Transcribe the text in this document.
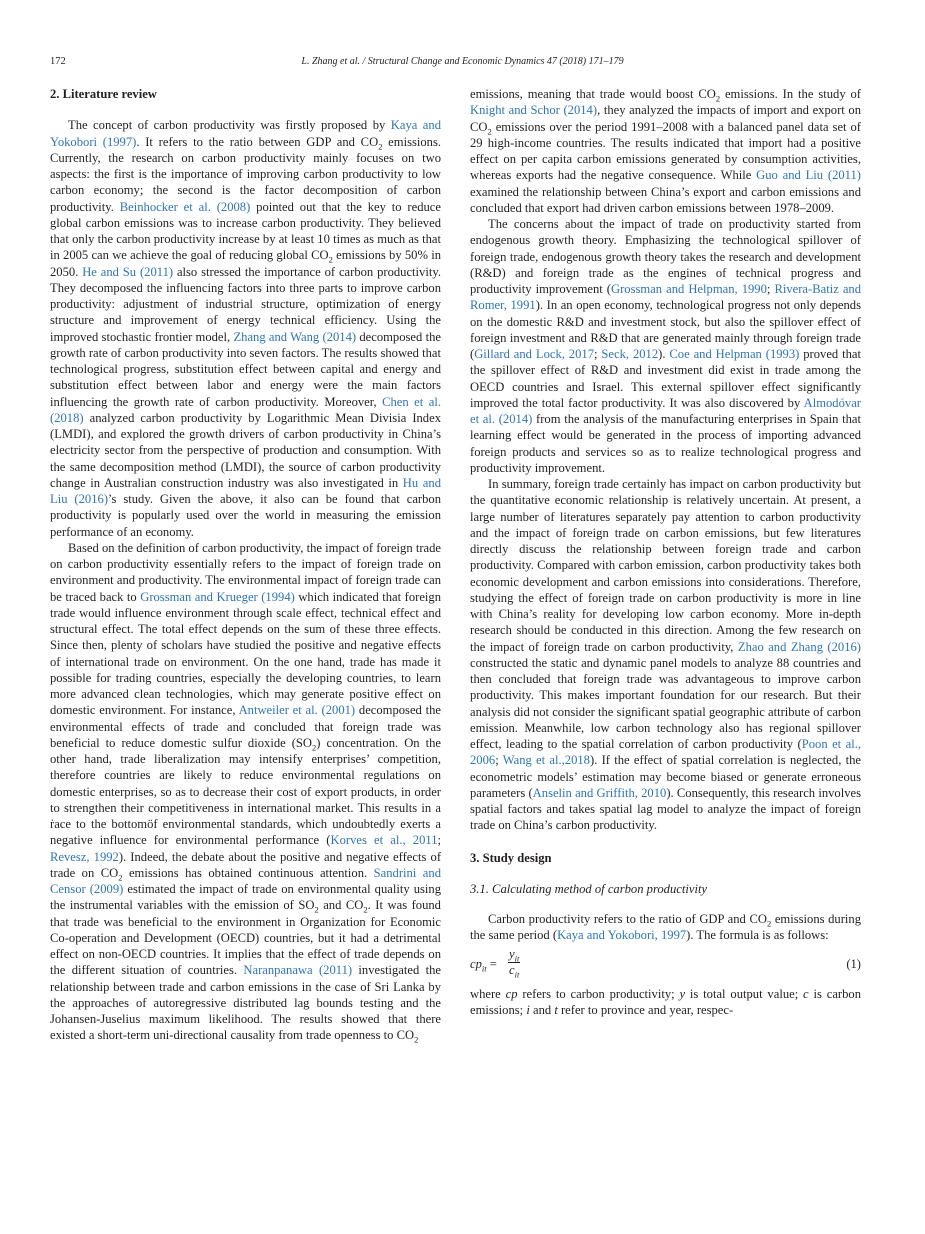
172	L. Zhang et al. / Structural Change and Economic Dynamics 47 (2018) 171–179
2. Literature review

The concept of carbon productivity was firstly proposed by Kaya and Yokobori (1997). It refers to the ratio between GDP and $CO_2$ emissions. Currently, the research on carbon productivity mainly focuses on two aspects: the first is the importance of improving carbon productivity to low carbon economy; the second is the factor decomposition of carbon productivity. Beinhocker et al. (2008) pointed out that the key to reduce global carbon emissions was to increase carbon productivity. They believed that only the carbon productivity increase by at least 10 times as much as that in 2005 can we achieve the goal of reducing global $CO_2$ emissions by 50% in 2050. He and Su (2011) also stressed the importance of carbon productivity. They decomposed the influencing factors into three parts to improve carbon productivity: adjustment of industrial structure, optimization of energy structure and improvement of energy technical efficiency. Using the improved stochastic frontier model, Zhang and Wang (2014) decomposed the growth rate of carbon productivity into seven factors. The results showed that technological progress, substitution effect between capital and energy and substitution effect between labor and energy were the main factors influencing the growth rate of carbon productivity. Moreover, Chen et al. (2018) analyzed carbon productivity by Logarithmic Mean Divisia Index (LMDI), and explored the growth drivers of carbon productivity in China’s electricity sector from the perspective of production and consumption. With the same decomposition method (LMDI), the source of carbon productivity change in Australian construction industry was also investigated in Hu and Liu (2016)’s study. Given the above, it also can be found that carbon productivity is popularly used over the world in measuring the emission performance of an economy.

Based on the definition of carbon productivity, the impact of foreign trade on carbon productivity essentially refers to the impact of foreign trade on environment and productivity. The environmental impact of foreign trade can be traced back to Grossman and Krueger (1994) which indicated that foreign trade would influence environment through scale effect, technical effect and structural effect. The total effect depends on the sum of these three effects. Since then, plenty of scholars have studied the positive and negative effects of international trade on environment. On the one hand, trade has made it possible for trading countries, especially the developing countries, to learn more advanced clean technologies, which may generate positive effect on domestic environment. For instance, Antweiler et al. (2001) decomposed the environmental effects of trade and concluded that foreign trade was beneficial to reduce domestic sulfur dioxide $(SO_2)$ concentration. On the other hand, trade liberalization may intensify enterprises’ competition, therefore countries are likely to reduce environmental regulations on domestic enterprises, so as to decrease their cost of export products, in order to strengthen their competitiveness in international market. This results in a ṙace to the bottomöf environmental standards, which undoubtedly exerts a negative influence for environmental performance (Korves et al., 2011; Revesz, 1992). Indeed, the debate about the positive and negative effects of trade on $CO_2$ emissions has obtained continuous attention. Sandrini and Censor (2009) estimated the impact of trade on environmental quality using the instrumental variables with the emission of $SO_2$ and $CO_2$. It was found that trade was beneficial to the environment in Organization for Economic Co-operation and Development (OECD) countries, but it had a detrimental effect on non-OECD countries. It implies that the effect of trade depends on the different situation of countries. Naranpanawa (2011) investigated the relationship between trade and carbon emissions in the case of Sri Lanka by the approaches of autoregressive distributed lag bounds testing and the Johansen-Juselius maximum likelihood. The results showed that there existed a short-term uni-directional causality from trade openness to $CO_2$

emissions, meaning that trade would boost $CO_2$ emissions. In the study of Knight and Schor (2014), they analyzed the impacts of import and export on $CO_2$ emissions over the period 1991–2008 with a balanced panel data set of 29 high-income countries. The results indicated that import had a positive effect on per capita carbon emissions generated by consumption activities, whereas exports had the negative consequence. While Guo and Liu (2011) examined the relationship between China’s export and carbon emissions and concluded that export had driven carbon emissions between 1978–2009.

The concerns about the impact of trade on productivity started from endogenous growth theory. Emphasizing the technological spillover of foreign trade, endogenous growth theory takes the research and development (R&D) and foreign trade as the engines of technical progress and productivity improvement (Grossman and Helpman, 1990; Rivera-Batiz and Romer, 1991). In an open economy, technological progress not only depends on the domestic R&D and investment stock, but also the spillover effect of foreign investment and R&D that are generated mainly through foreign trade (Gillard and Lock, 2017; Seck, 2012). Coe and Helpman (1993) proved that the spillover effect of R&D and investment did exist in trade among the OECD countries and Israel. This external spillover effect significantly improved the total factor productivity. It was also discovered by Almodóvar et al. (2014) from the analysis of the manufacturing enterprises in Spain that learning effect would be generated in the process of importing advanced foreign products and services so as to realize technological progress and productivity improvement.

In summary, foreign trade certainly has impact on carbon productivity but the quantitative economic relationship is relatively uncertain. At present, a large number of literatures separately pay attention to carbon productivity and the impact of foreign trade on carbon emissions, but few literatures directly discuss the relationship between foreign trade and carbon productivity. Compared with carbon emission, carbon productivity takes both economic development and carbon emissions into considerations. Therefore, studying the effect of foreign trade on carbon productivity is more in line with China’s reality for developing low carbon economy. More in-depth research should be conducted in this direction. Among the few research on the impact of foreign trade on carbon productivity, Zhao and Zhang (2016) constructed the static and dynamic panel models to analyze 88 countries and then concluded that foreign trade was advantageous to improve carbon productivity. This makes important foundation for our research. But their analysis did not consider the significant spatial geographic attribute of carbon emission. Meanwhile, low carbon technology also has regional spillover effect, leading to the spatial correlation of carbon productivity (Poon et al., 2006; Wang et al.,2018). If the effect of spatial correlation is neglected, the econometric models’ estimation may become biased or generate erroneous parameters (Anselin and Griffith, 2010). Consequently, this research involves spatial factors and takes spatial lag model to analyze the impact of foreign trade on China’s carbon productivity.

3. Study design
3.1. Calculating method of carbon productivity

Carbon productivity refers to the ratio of GDP and $CO_2$ emissions during the same period (Kaya and Yokobori, 1997). The formula is as follows:

$cp_{it}$ =
$y_{it}$
$c_{it}$
(1)

where cp refers to carbon productivity; y is total output value; c is carbon emissions; i and t refer to province and year, respec-
